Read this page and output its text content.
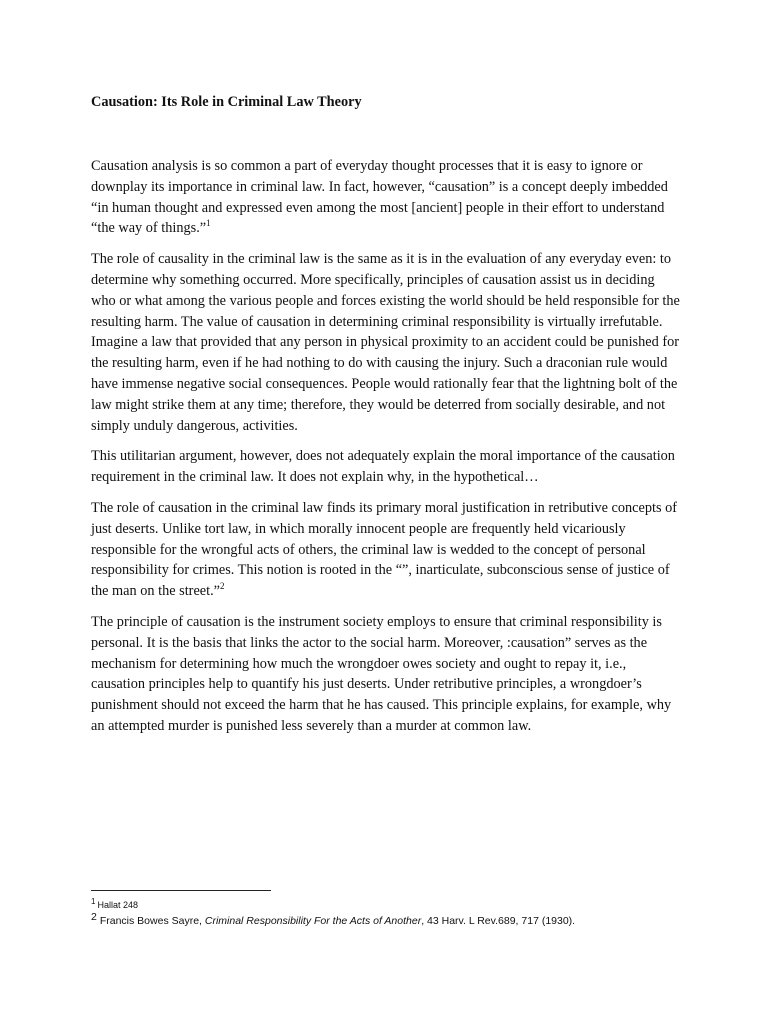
Causation: Its Role in Criminal Law Theory

Causation analysis is so common a part of everyday thought processes that it is easy to ignore or downplay its importance in criminal law. In fact, however, “causation” is a concept deeply imbedded “in human thought and expressed even among the most [ancient] people in their effort to understand “the way of things.”$^1$

The role of causality in the criminal law is the same as it is in the evaluation of any everyday even: to determine why something occurred. More specifically, principles of causation assist us in deciding who or what among the various people and forces existing the world should be held responsible for the resulting harm. The value of causation in determining criminal responsibility is virtually irrefutable. Imagine a law that provided that any person in physical proximity to an accident could be punished for the resulting harm, even if he had nothing to do with causing the injury. Such a draconian rule would have immense negative social consequences. People would rationally fear that the lightning bolt of the law might strike them at any time; therefore, they would be deterred from socially desirable, and not simply unduly dangerous, activities.

This utilitarian argument, however, does not adequately explain the moral importance of the causation requirement in the criminal law. It does not explain why, in the hypothetical…

The role of causation in the criminal law finds its primary moral justification in retributive concepts of just deserts. Unlike tort law, in which morally innocent people are frequently held vicariously responsible for the wrongful acts of others, the criminal law is wedded to the concept of personal responsibility for crimes. This notion is rooted in the “”, inarticulate, subconscious sense of justice of the man on the street.”$^2$

The principle of causation is the instrument society employs to ensure that criminal responsibility is personal. It is the basis that links the actor to the social harm. Moreover, :causation” serves as the mechanism for determining how much the wrongdoer owes society and ought to repay it, i.e., causation principles help to quantify his just deserts. Under retributive principles, a wrongdoer’s punishment should not exceed the harm that he has caused. This principle explains, for example, why an attempted murder is punished less severely than a murder at common law.

1 Hallat 248
2 Francis Bowes Sayre, Criminal Responsibility For the Acts of Another, 43 Harv. L Rev.689, 717 (1930).
